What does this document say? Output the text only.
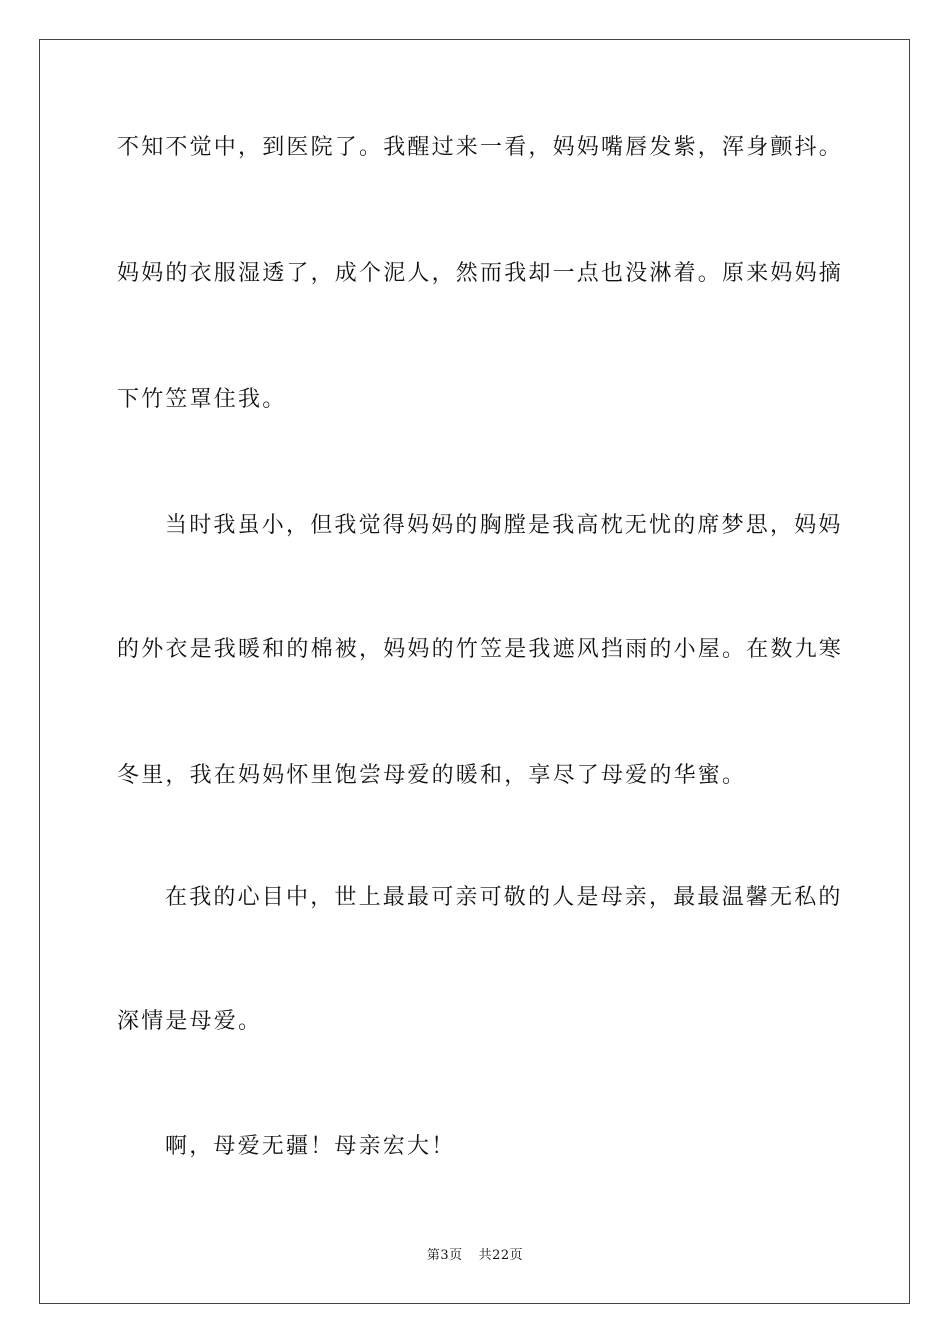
不知不觉中，到医院了。我醒过来一看，妈妈嘴唇发紫，浑身颤抖。
妈妈的衣服湿透了，成个泥人，然而我却一点也没淋着。原来妈妈摘
下竹笠罩住我。
当时我虽小，但我觉得妈妈的胸膛是我高枕无忧的席梦思，妈妈
的外衣是我暖和的棉被，妈妈的竹笠是我遮风挡雨的小屋。在数九寒
冬里，我在妈妈怀里饱尝母爱的暖和，享尽了母爱的华蜜。
在我的心目中，世上最最可亲可敬的人是母亲，最最温馨无私的
深情是母爱。
啊，母爱无疆！母亲宏大！
第3页 共22页
